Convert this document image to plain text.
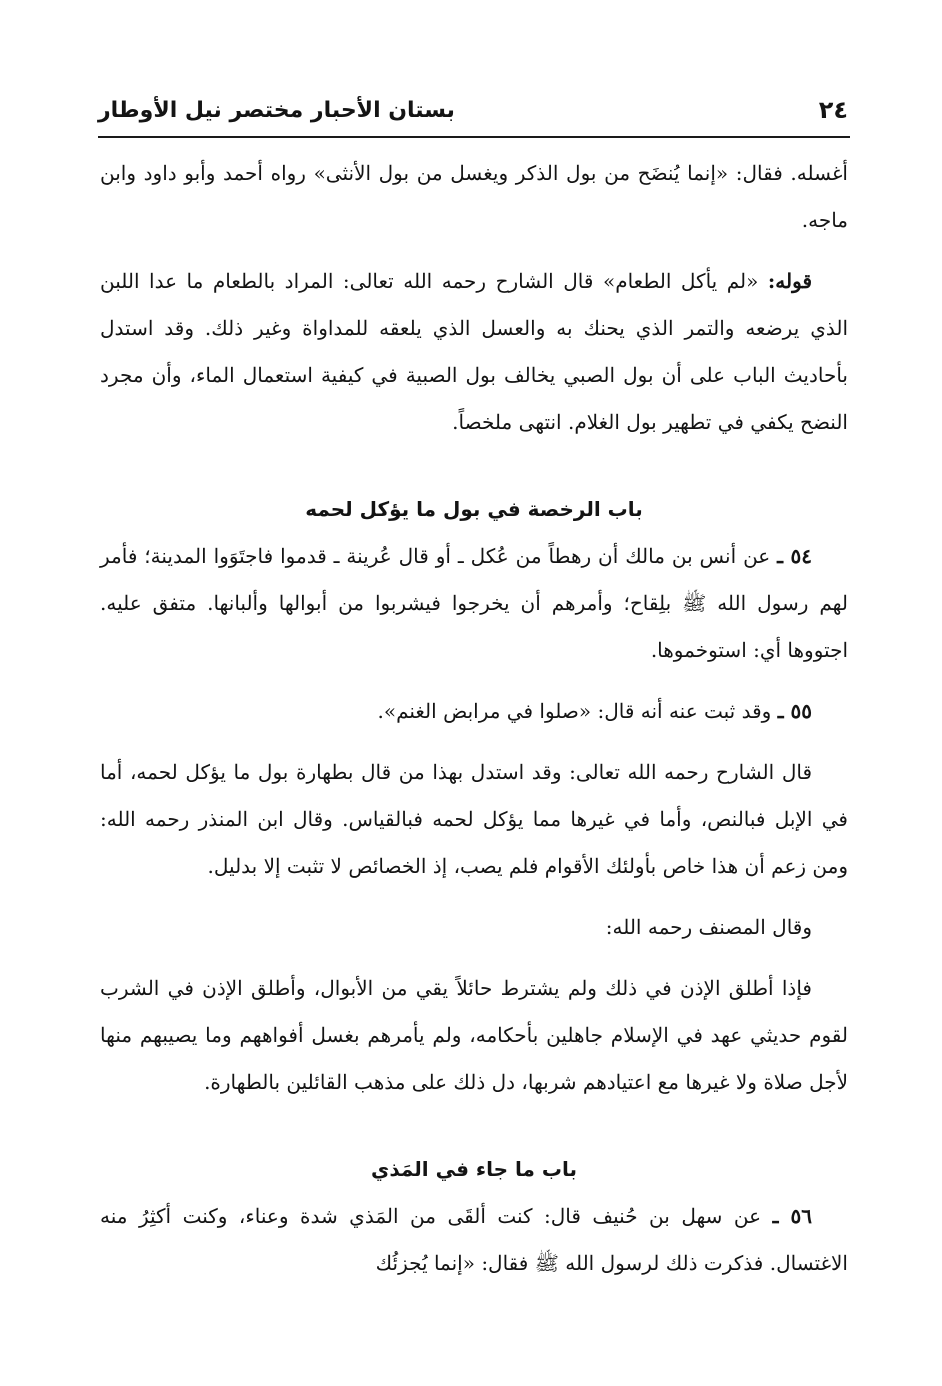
٢٤
بستان الأحبار مختصر نيل الأوطار

أغسله. فقال: «إنما يُنضَح من بول الذكر ويغسل من بول الأنثى» رواه أحمد وأبو داود وابن ماجه.

قوله: «لم يأكل الطعام» قال الشارح رحمه الله تعالى: المراد بالطعام ما عدا اللبن الذي يرضعه والتمر الذي يحنك به والعسل الذي يلعقه للمداواة وغير ذلك. وقد استدل بأحاديث الباب على أن بول الصبي يخالف بول الصبية في كيفية استعمال الماء، وأن مجرد النضح يكفي في تطهير بول الغلام. انتهى ملخصاً.

باب الرخصة في بول ما يؤكل لحمه

٥٤ ـ عن أنس بن مالك أن رهطاً من عُكل ـ أو قال عُرينة ـ قدموا فاجتَوَوا المدينة؛ فأمر لهم رسول الله ﷺ بلِقاح؛ وأمرهم أن يخرجوا فيشربوا من أبوالها وألبانها. متفق عليه. اجتووها أي: استوخموها.

٥٥ ـ وقد ثبت عنه أنه قال: «صلوا في مرابض الغنم».

قال الشارح رحمه الله تعالى: وقد استدل بهذا من قال بطهارة بول ما يؤكل لحمه، أما في الإبل فبالنص، وأما في غيرها مما يؤكل لحمه فبالقياس. وقال ابن المنذر رحمه الله: ومن زعم أن هذا خاص بأولئك الأقوام فلم يصب، إذ الخصائص لا تثبت إلا بدليل.

وقال المصنف رحمه الله:

فإذا أطلق الإذن في ذلك ولم يشترط حائلاً يقي من الأبوال، وأطلق الإذن في الشرب لقوم حديثي عهد في الإسلام جاهلين بأحكامه، ولم يأمرهم بغسل أفواههم وما يصيبهم منها لأجل صلاة ولا غيرها مع اعتيادهم شربها، دل ذلك على مذهب القائلين بالطهارة.

باب ما جاء في المَذي

٥٦ ـ عن سهل بن حُنيف قال: كنت ألقَى من المَذي شدة وعناء، وكنت أكثِرُ منه الاغتسال. فذكرت ذلك لرسول الله ﷺ فقال: «إنما يُجزئُك
